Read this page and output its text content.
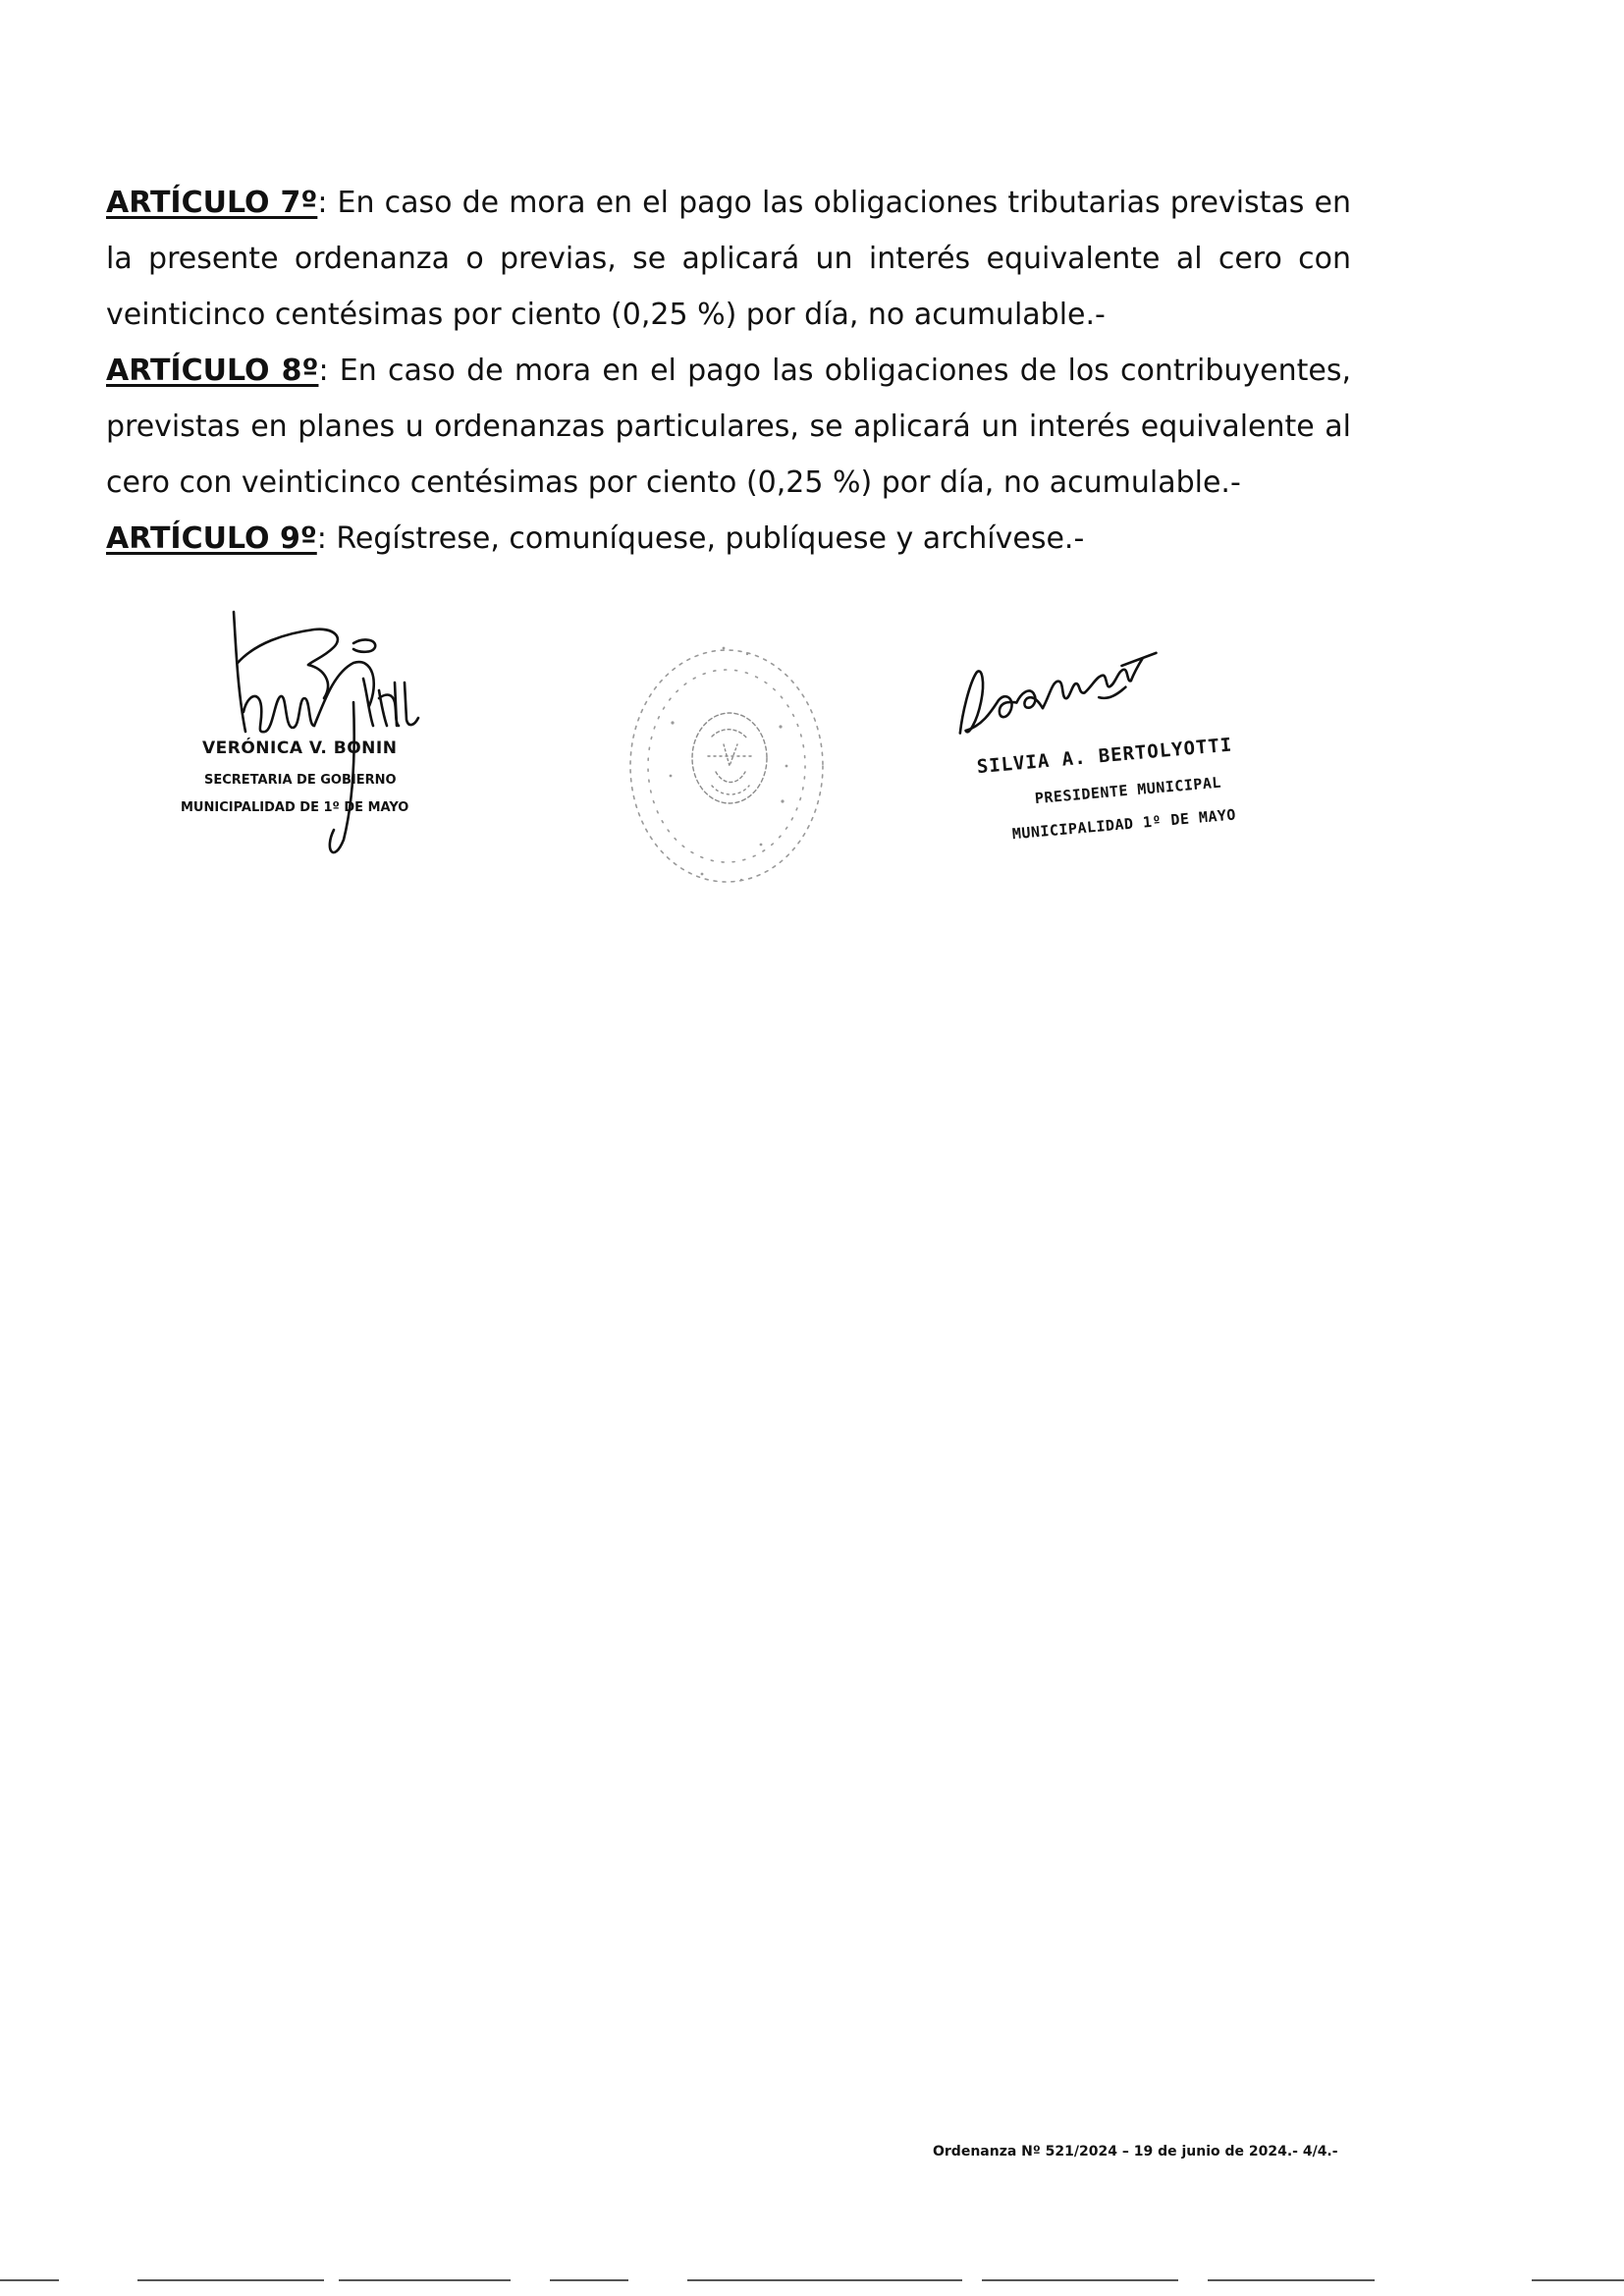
ARTÍCULO 7º: En caso de mora en el pago las obligaciones tributarias previstas en la presente ordenanza o previas, se aplicará un interés equivalente al cero con veinticinco centésimas por ciento (0,25 %) por día, no acumulable.-

ARTÍCULO 8º: En caso de mora en el pago las obligaciones de los contribuyentes, previstas en planes u ordenanzas particulares, se aplicará un interés equivalente al cero con veinticinco centésimas por ciento (0,25 %) por día, no acumulable.-

ARTÍCULO 9º: Regístrese, comuníquese, publíquese y archívese.-

VERÓNICA V. BONIN
SECRETARIA DE GOBIERNO
MUNICIPALIDAD DE 1º DE MAYO
SILVIA A. BERTOLYOTTI
PRESIDENTE MUNICIPAL
MUNICIPALIDAD 1º DE MAYO
Ordenanza Nº 521/2024 – 19 de junio de 2024.- 4/4.-
